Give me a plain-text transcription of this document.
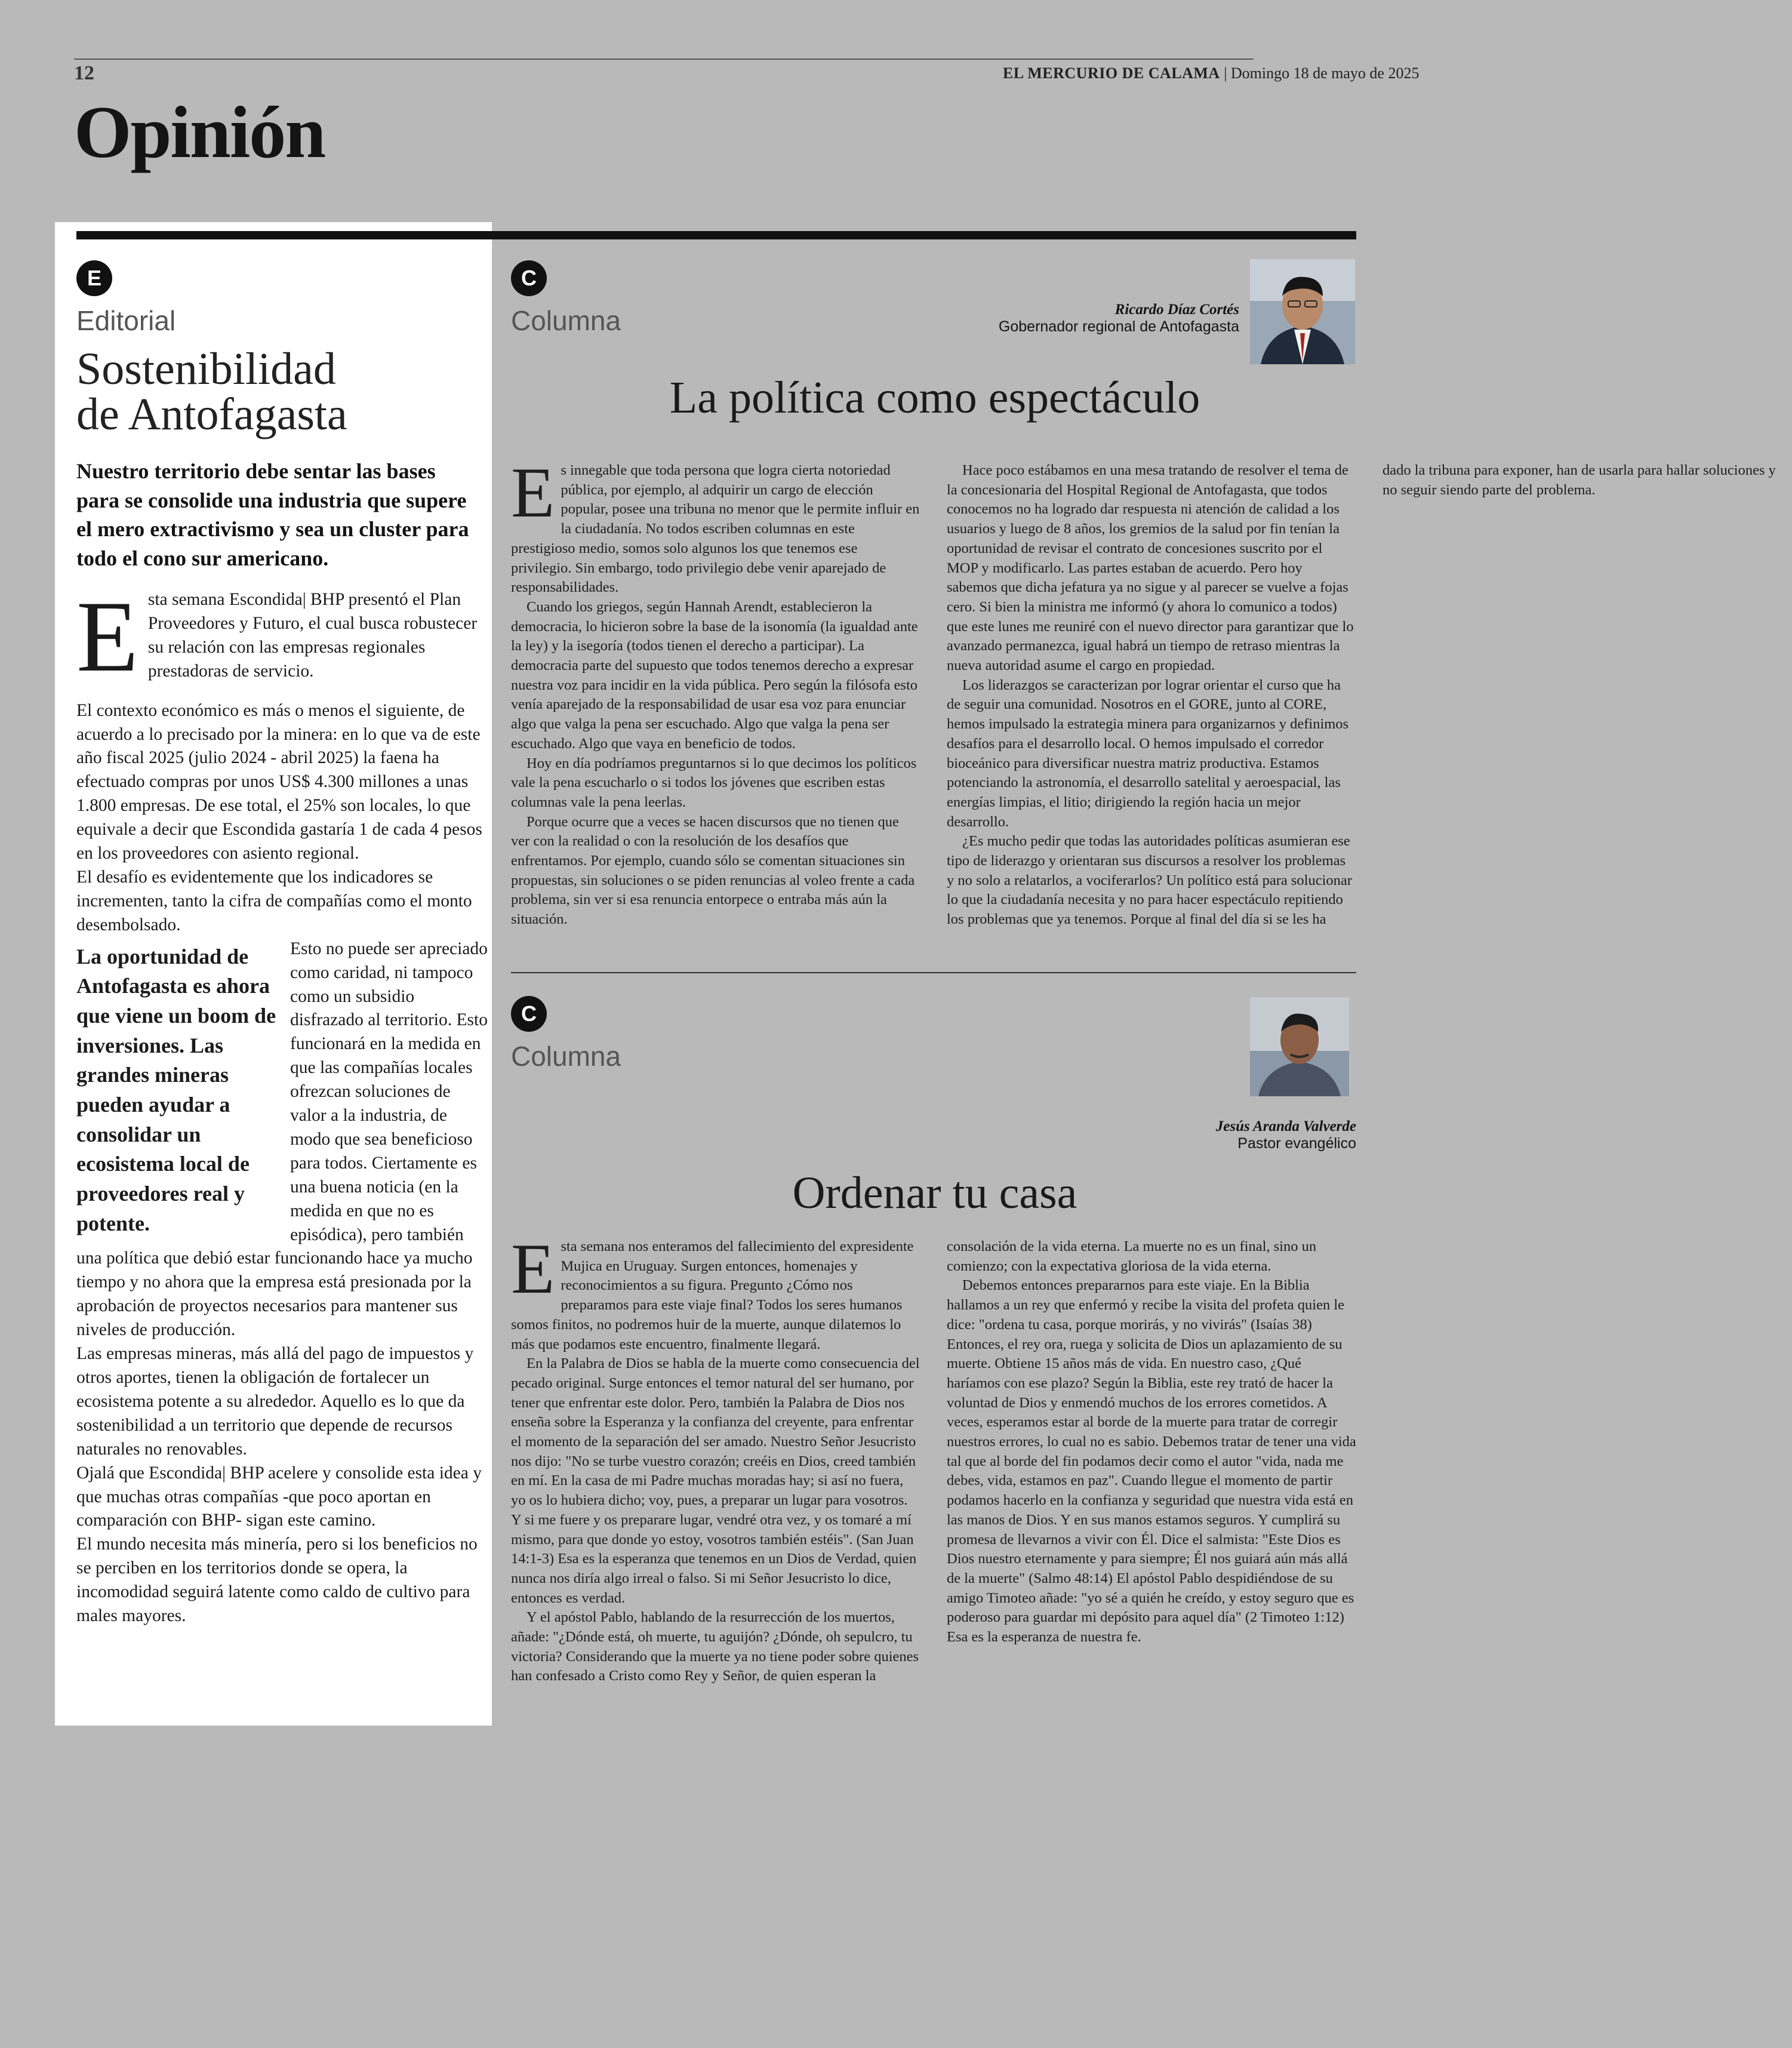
12	EL MERCURIO DE CALAMA | Domingo 18 de mayo de 2025
Opinión
E
Editorial
Sostenibilidad
de Antofagasta
Nuestro territorio debe sentar las bases para se consolide una industria que supere el mero extractivismo y sea un cluster para todo el cono sur americano.

E sta semana Escondida| BHP presentó el Plan Proveedores y Futuro, el cual busca robustecer su relación con las empresas regionales prestadoras de servicio.

El contexto económico es más o menos el siguiente, de acuerdo a lo precisado por la minera: en lo que va de este año fiscal 2025 (julio 2024 - abril 2025) la faena ha efectuado compras por unos US$ 4.300 millones a unas 1.800 empresas. De ese total, el 25% son locales, lo que equivale a decir que Escondida gastaría 1 de cada 4 pesos en los proveedores con asiento regional.

El desafío es evidentemente que los indicadores se incrementen, tanto la cifra de compañías como el monto desembolsado.

La oportunidad de Antofagasta es ahora que viene un boom de inversiones. Las grandes mineras pueden ayudar a consolidar un ecosistema local de proveedores real y potente.
Esto no puede ser apreciado como caridad, ni tampoco como un subsidio disfrazado al territorio. Esto funcionará en la medida en que las compañías locales ofrezcan soluciones de valor a la industria, de modo que sea beneficioso para todos. Ciertamente es una buena noticia (en la medida en que no es episódica), pero también una política que debió estar funcionando hace ya mucho tiempo y no ahora que la empresa está presionada por la aprobación de proyectos necesarios para mantener sus niveles de producción.

Las empresas mineras, más allá del pago de impuestos y otros aportes, tienen la obligación de fortalecer un ecosistema potente a su alrededor. Aquello es lo que da sostenibilidad a un territorio que depende de recursos naturales no renovables.

Ojalá que Escondida| BHP acelere y consolide esta idea y que muchas otras compañías -que poco aportan en comparación con BHP- sigan este camino.

El mundo necesita más minería, pero si los beneficios no se perciben en los territorios donde se opera, la incomodidad seguirá latente como caldo de cultivo para males mayores.

C
Columna	Ricardo Díaz Cortés
Gobernador regional de Antofagasta
La política como espectáculo

Es innegable que toda persona que logra cierta notoriedad pública, por ejemplo, al adquirir un cargo de elección popular, posee una tribuna no menor que le permite influir en la ciudadanía. No todos escriben columnas en este prestigioso medio, somos solo algunos los que tenemos ese privilegio. Sin embargo, todo privilegio debe venir aparejado de responsabilidades.

Cuando los griegos, según Hannah Arendt, establecieron la democracia, lo hicieron sobre la base de la isonomía (la igualdad ante la ley) y la isegoría (todos tienen el derecho a participar). La democracia parte del supuesto que todos tenemos derecho a expresar nuestra voz para incidir en la vida pública. Pero según la filósofa esto venía aparejado de la responsabilidad de usar esa voz para enunciar algo que valga la pena ser escuchado. Algo que valga la pena ser escuchado. Algo que vaya en beneficio de todos.

Hoy en día podríamos preguntarnos si lo que decimos los políticos vale la pena escucharlo o si todos los jóvenes que escriben estas columnas vale la pena leerlas.

Porque ocurre que a veces se hacen discursos que no tienen que ver con la realidad o con la resolución de los desafíos que enfrentamos. Por ejemplo, cuando sólo se comentan situaciones sin propuestas, sin soluciones o se piden renuncias al voleo frente a cada problema, sin ver si esa renuncia entorpece o entraba más aún la situación.

Hace poco estábamos en una mesa tratando de resolver el tema de la concesionaria del Hospital Regional de Antofagasta, que todos conocemos no ha logrado dar respuesta ni atención de calidad a los usuarios y luego de 8 años, los gremios de la salud por fin tenían la oportunidad de revisar el contrato de concesiones suscrito por el MOP y modificarlo. Las partes estaban de acuerdo. Pero hoy sabemos que dicha jefatura ya no sigue y al parecer se vuelve a fojas cero. Si bien la ministra me informó (y ahora lo comunico a todos) que este lunes me reuniré con el nuevo director para garantizar que lo avanzado permanezca, igual habrá un tiempo de retraso mientras la nueva autoridad asume el cargo en propiedad.

Los liderazgos se caracterizan por lograr orientar el curso que ha de seguir una comunidad. Nosotros en el GORE, junto al CORE, hemos impulsado la estrategia minera para organizarnos y definimos desafíos para el desarrollo local. O hemos impulsado el corredor bioceánico para diversificar nuestra matriz productiva. Estamos potenciando la astronomía, el desarrollo satelital y aeroespacial, las energías limpias, el litio; dirigiendo la región hacia un mejor desarrollo.

¿Es mucho pedir que todas las autoridades políticas asumieran ese tipo de liderazgo y orientaran sus discursos a resolver los problemas y no solo a relatarlos, a vociferarlos? Un político está para solucionar lo que la ciudadanía necesita y no para hacer espectáculo repitiendo los problemas que ya tenemos. Porque al final del día si se les ha dado la tribuna para exponer, han de usarla para hallar soluciones y no seguir siendo parte del problema.

C
Columna
Jesús Aranda Valverde
Pastor evangélico
Ordenar tu casa

Esta semana nos enteramos del fallecimiento del expresidente Mujica en Uruguay. Surgen entonces, homenajes y reconocimientos a su figura. Pregunto ¿Cómo nos preparamos para este viaje final? Todos los seres humanos somos finitos, no podremos huir de la muerte, aunque dilatemos lo más que podamos este encuentro, finalmente llegará.

En la Palabra de Dios se habla de la muerte como consecuencia del pecado original. Surge entonces el temor natural del ser humano, por tener que enfrentar este dolor. Pero, también la Palabra de Dios nos enseña sobre la Esperanza y la confianza del creyente, para enfrentar el momento de la separación del ser amado. Nuestro Señor Jesucristo nos dijo: "No se turbe vuestro corazón; creéis en Dios, creed también en mí. En la casa de mi Padre muchas moradas hay; si así no fuera, yo os lo hubiera dicho; voy, pues, a preparar un lugar para vosotros. Y si me fuere y os preparare lugar, vendré otra vez, y os tomaré a mí mismo, para que donde yo estoy, vosotros también estéis". (San Juan 14:1-3) Esa es la esperanza que tenemos en un Dios de Verdad, quien nunca nos diría algo irreal o falso. Si mi Señor Jesucristo lo dice, entonces es verdad.

Y el apóstol Pablo, hablando de la resurrección de los muertos, añade: "¿Dónde está, oh muerte, tu aguijón? ¿Dónde, oh sepulcro, tu victoria? Considerando que la muerte ya no tiene poder sobre quienes han confesado a Cristo como Rey y Señor, de quien esperan la consolación de la vida eterna. La muerte no es un final, sino un comienzo; con la expectativa gloriosa de la vida eterna.

Debemos entonces prepararnos para este viaje. En la Biblia hallamos a un rey que enfermó y recibe la visita del profeta quien le dice: "ordena tu casa, porque morirás, y no vivirás" (Isaías 38) Entonces, el rey ora, ruega y solicita de Dios un aplazamiento de su muerte. Obtiene 15 años más de vida. En nuestro caso, ¿Qué haríamos con ese plazo? Según la Biblia, este rey trató de hacer la voluntad de Dios y enmendó muchos de los errores cometidos. A veces, esperamos estar al borde de la muerte para tratar de corregir nuestros errores, lo cual no es sabio. Debemos tratar de tener una vida tal que al borde del fin podamos decir como el autor "vida, nada me debes, vida, estamos en paz". Cuando llegue el momento de partir podamos hacerlo en la confianza y seguridad que nuestra vida está en las manos de Dios. Y en sus manos estamos seguros. Y cumplirá su promesa de llevarnos a vivir con Él. Dice el salmista: "Este Dios es Dios nuestro eternamente y para siempre; Él nos guiará aún más allá de la muerte" (Salmo 48:14) El apóstol Pablo despidiéndose de su amigo Timoteo añade: "yo sé a quién he creído, y estoy seguro que es poderoso para guardar mi depósito para aquel día" (2 Timoteo 1:12) Esa es la esperanza de nuestra fe.
